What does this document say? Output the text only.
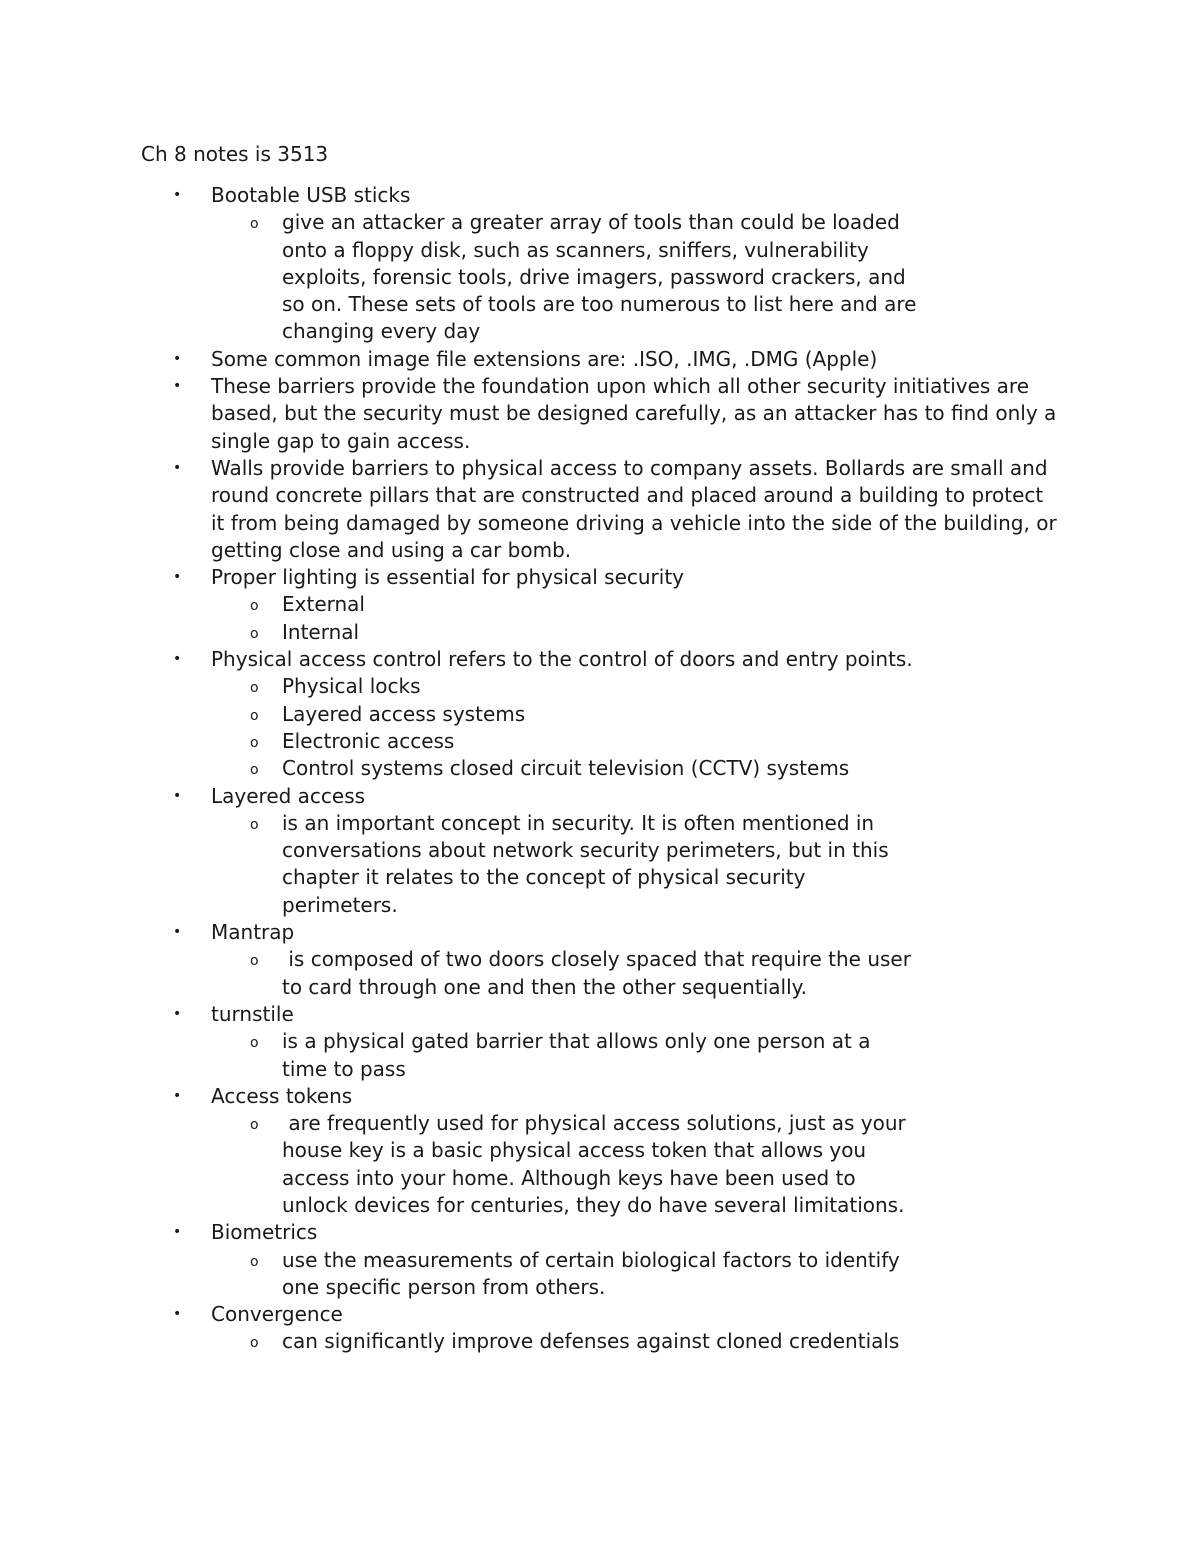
Ch 8 notes is 3513

• Bootable USB sticks
o give an attacker a greater array of tools than could be loaded onto a floppy disk, such as scanners, sniffers, vulnerability exploits, forensic tools, drive imagers, password crackers, and so on. These sets of tools are too numerous to list here and are changing every day
• Some common image file extensions are: .ISO, .IMG, .DMG (Apple)
• These barriers provide the foundation upon which all other security initiatives are based, but the security must be designed carefully, as an attacker has to find only a single gap to gain access.
• Walls provide barriers to physical access to company assets. Bollards are small and round concrete pillars that are constructed and placed around a building to protect it from being damaged by someone driving a vehicle into the side of the building, or getting close and using a car bomb.
• Proper lighting is essential for physical security
o External
o Internal
• Physical access control refers to the control of doors and entry points.
o Physical locks
o Layered access systems
o Electronic access
o Control systems closed circuit television (CCTV) systems
• Layered access
o is an important concept in security. It is often mentioned in conversations about network security perimeters, but in this chapter it relates to the concept of physical security perimeters.
• Mantrap
o is composed of two doors closely spaced that require the user to card through one and then the other sequentially.
• turnstile
o is a physical gated barrier that allows only one person at a time to pass
• Access tokens
o are frequently used for physical access solutions, just as your house key is a basic physical access token that allows you access into your home. Although keys have been used to unlock devices for centuries, they do have several limitations.
• Biometrics
o use the measurements of certain biological factors to identify one specific person from others.
• Convergence
o can significantly improve defenses against cloned credentials
